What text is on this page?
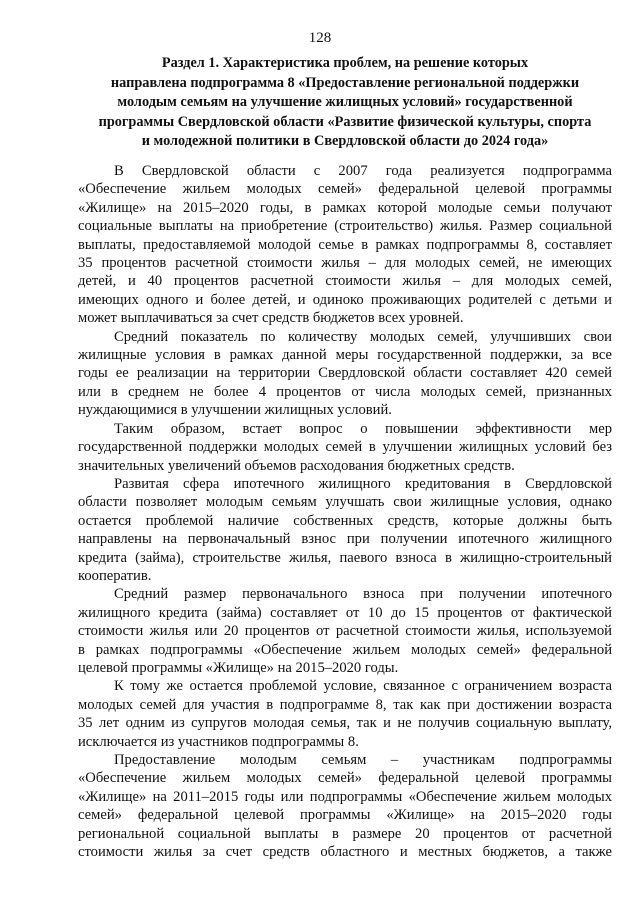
128
Раздел 1. Характеристика проблем, на решение которых
направлена подпрограмма 8 «Предоставление региональной поддержки
молодым семьям на улучшение жилищных условий» государственной
программы Свердловской области «Развитие физической культуры, спорта
и молодежной политики в Свердловской области до 2024 года»
В Свердловской области с 2007 года реализуется подпрограмма
«Обеспечение жильем молодых семей» федеральной целевой программы
«Жилище» на 2015–2020 годы, в рамках которой молодые семьи получают
социальные выплаты на приобретение (строительство) жилья. Размер социальной
выплаты, предоставляемой молодой семье в рамках подпрограммы 8, составляет
35 процентов расчетной стоимости жилья – для молодых семей, не имеющих
детей, и 40 процентов расчетной стоимости жилья – для молодых семей,
имеющих одного и более детей, и одиноко проживающих родителей с детьми и
может выплачиваться за счет средств бюджетов всех уровней.
Средний показатель по количеству молодых семей, улучшивших свои
жилищные условия в рамках данной меры государственной поддержки, за все
годы ее реализации на территории Свердловской области составляет 420 семей
или в среднем не более 4 процентов от числа молодых семей, признанных
нуждающимися в улучшении жилищных условий.
Таким образом, встает вопрос о повышении эффективности мер
государственной поддержки молодых семей в улучшении жилищных условий без
значительных увеличений объемов расходования бюджетных средств.
Развитая сфера ипотечного жилищного кредитования в Свердловской
области позволяет молодым семьям улучшать свои жилищные условия, однако
остается проблемой наличие собственных средств, которые должны быть
направлены на первоначальный взнос при получении ипотечного жилищного
кредита (займа), строительстве жилья, паевого взноса в жилищно-строительный
кооператив.
Средний размер первоначального взноса при получении ипотечного
жилищного кредита (займа) составляет от 10 до 15 процентов от фактической
стоимости жилья или 20 процентов от расчетной стоимости жилья, используемой
в рамках подпрограммы «Обеспечение жильем молодых семей» федеральной
целевой программы «Жилище» на 2015–2020 годы.
К тому же остается проблемой условие, связанное с ограничением возраста
молодых семей для участия в подпрограмме 8, так как при достижении возраста
35 лет одним из супругов молодая семья, так и не получив социальную выплату,
исключается из участников подпрограммы 8.
Предоставление молодым семьям – участникам подпрограммы
«Обеспечение жильем молодых семей» федеральной целевой программы
«Жилище» на 2011–2015 годы или подпрограммы «Обеспечение жильем молодых
семей» федеральной целевой программы «Жилище» на 2015–2020 годы
региональной социальной выплаты в размере 20 процентов от расчетной
стоимости жилья за счет средств областного и местных бюджетов, а также
